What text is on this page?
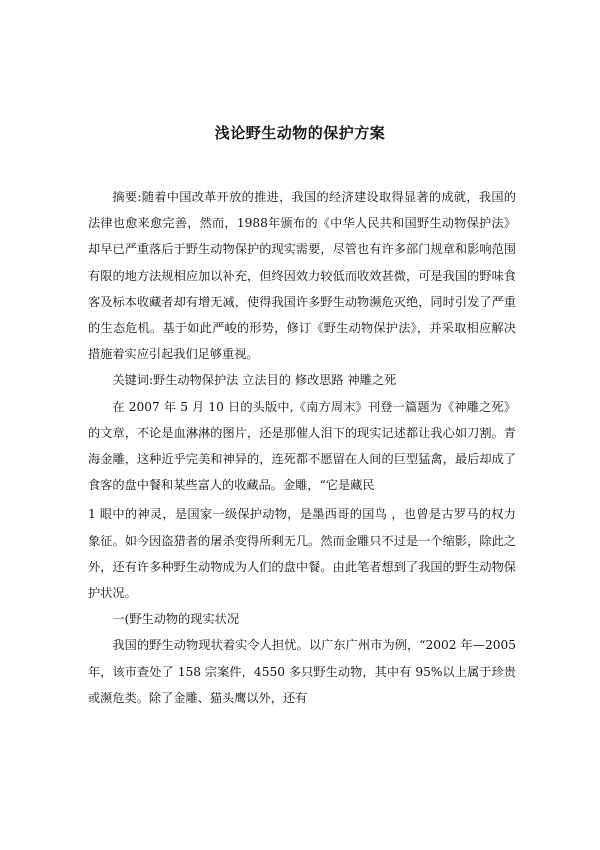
浅论野生动物的保护方案

摘要:随着中国改革开放的推进，我国的经济建设取得显著的成就，我国的法律也愈来愈完善，然而，1988年颁布的《中华人民共和国野生动物保护法》却早已严重落后于野生动物保护的现实需要，尽管也有许多部门规章和影响范围有限的地方法规相应加以补充，但终因效力较低而收效甚微，可是我国的野味食客及标本收藏者却有增无减，使得我国许多野生动物濒危灭绝，同时引发了严重的生态危机。基于如此严峻的形势，修订《野生动物保护法》，并采取相应解决措施着实应引起我们足够重视。

关键词:野生动物保护法 立法目的 修改思路 神雕之死

在 2007 年 5 月 10 日的头版中,《南方周末》刊登一篇题为《神雕之死》的文章，不论是血淋淋的图片，还是那催人泪下的现实记述都让我心如刀割。青海金雕，这种近乎完美和神异的，连死都不愿留在人间的巨型猛禽，最后却成了食客的盘中餐和某些富人的收藏品。金雕，“它是藏民

1 眼中的神灵，是国家一级保护动物，是墨西哥的国鸟 ，也曾是古罗马的权力象征。如今因盗猎者的屠杀变得所剩无几。然而金雕只不过是一个缩影，除此之外，还有许多种野生动物成为人们的盘中餐。由此笔者想到了我国的野生动物保护状况。

一(野生动物的现实状况

我国的野生动物现状着实令人担忧。以广东广州市为例，“2002 年—2005 年，该市查处了 158 宗案件，4550 多只野生动物，其中有 95%以上属于珍贵或濒危类。除了金雕、猫头鹰以外，还有
